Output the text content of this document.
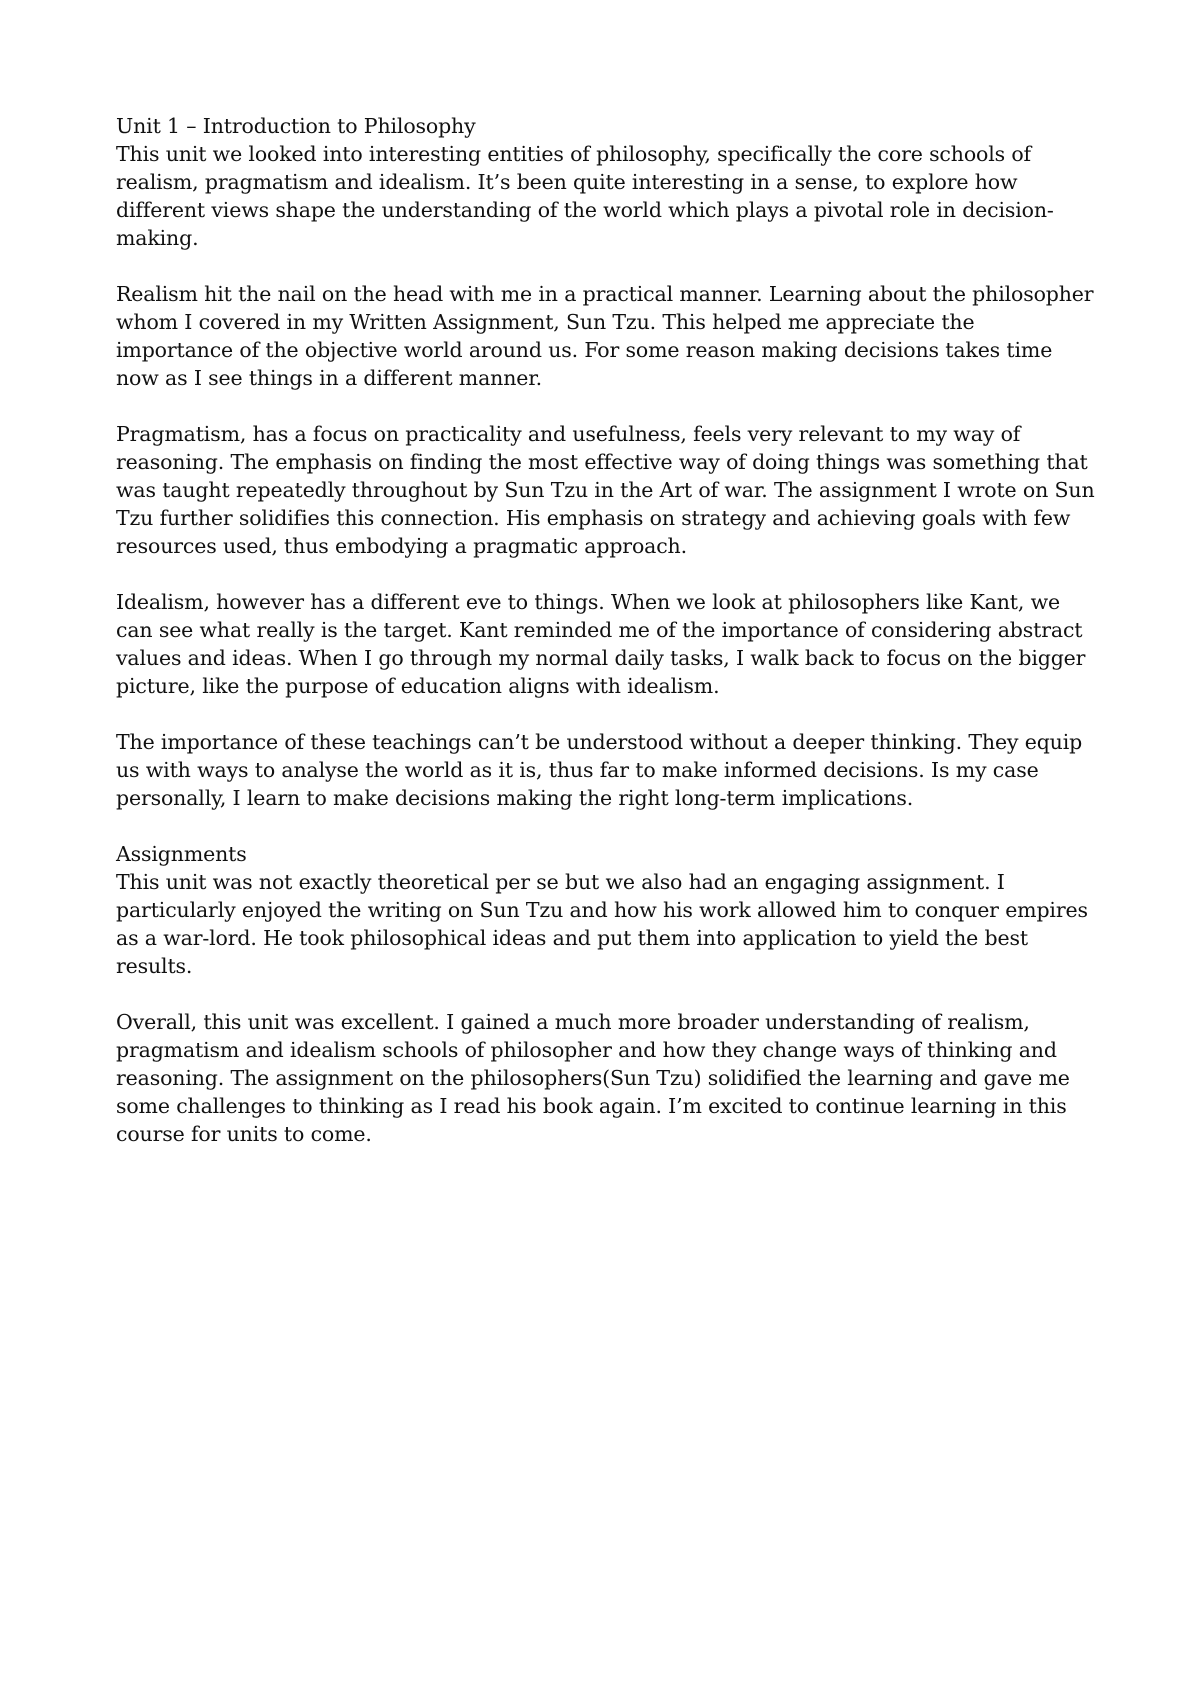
Unit 1 – Introduction to Philosophy

This unit we looked into interesting entities of philosophy, specifically the core schools of realism, pragmatism and idealism. It’s been quite interesting in a sense, to explore how different views shape the understanding of the world which plays a pivotal role in decision-making.

Realism hit the nail on the head with me in a practical manner. Learning about the philosopher whom I covered in my Written Assignment, Sun Tzu. This helped me appreciate the importance of the objective world around us. For some reason making decisions takes time now as I see things in a different manner.

Pragmatism, has a focus on practicality and usefulness, feels very relevant to my way of reasoning. The emphasis on finding the most effective way of doing things was something that was taught repeatedly throughout by Sun Tzu in the Art of war. The assignment I wrote on Sun Tzu further solidifies this connection. His emphasis on strategy and achieving goals with few resources used, thus embodying a pragmatic approach.

Idealism, however has a different eve to things. When we look at philosophers like Kant, we can see what really is the target. Kant reminded me of the importance of considering abstract values and ideas. When I go through my normal daily tasks, I walk back to focus on the bigger picture, like the purpose of education aligns with idealism.

The importance of these teachings can’t be understood without a deeper thinking. They equip us with ways to analyse the world as it is, thus far to make informed decisions. Is my case personally, I learn to make decisions making the right long-term implications.

Assignments

This unit was not exactly theoretical per se but we also had an engaging assignment. I particularly enjoyed the writing on Sun Tzu and how his work allowed him to conquer empires as a war-lord. He took philosophical ideas and put them into application to yield the best results.

Overall, this unit was excellent. I gained a much more broader understanding of realism, pragmatism and idealism schools of philosopher and how they change ways of thinking and reasoning. The assignment on the philosophers(Sun Tzu) solidified the learning and gave me some challenges to thinking as I read his book again. I’m excited to continue learning in this course for units to come.
